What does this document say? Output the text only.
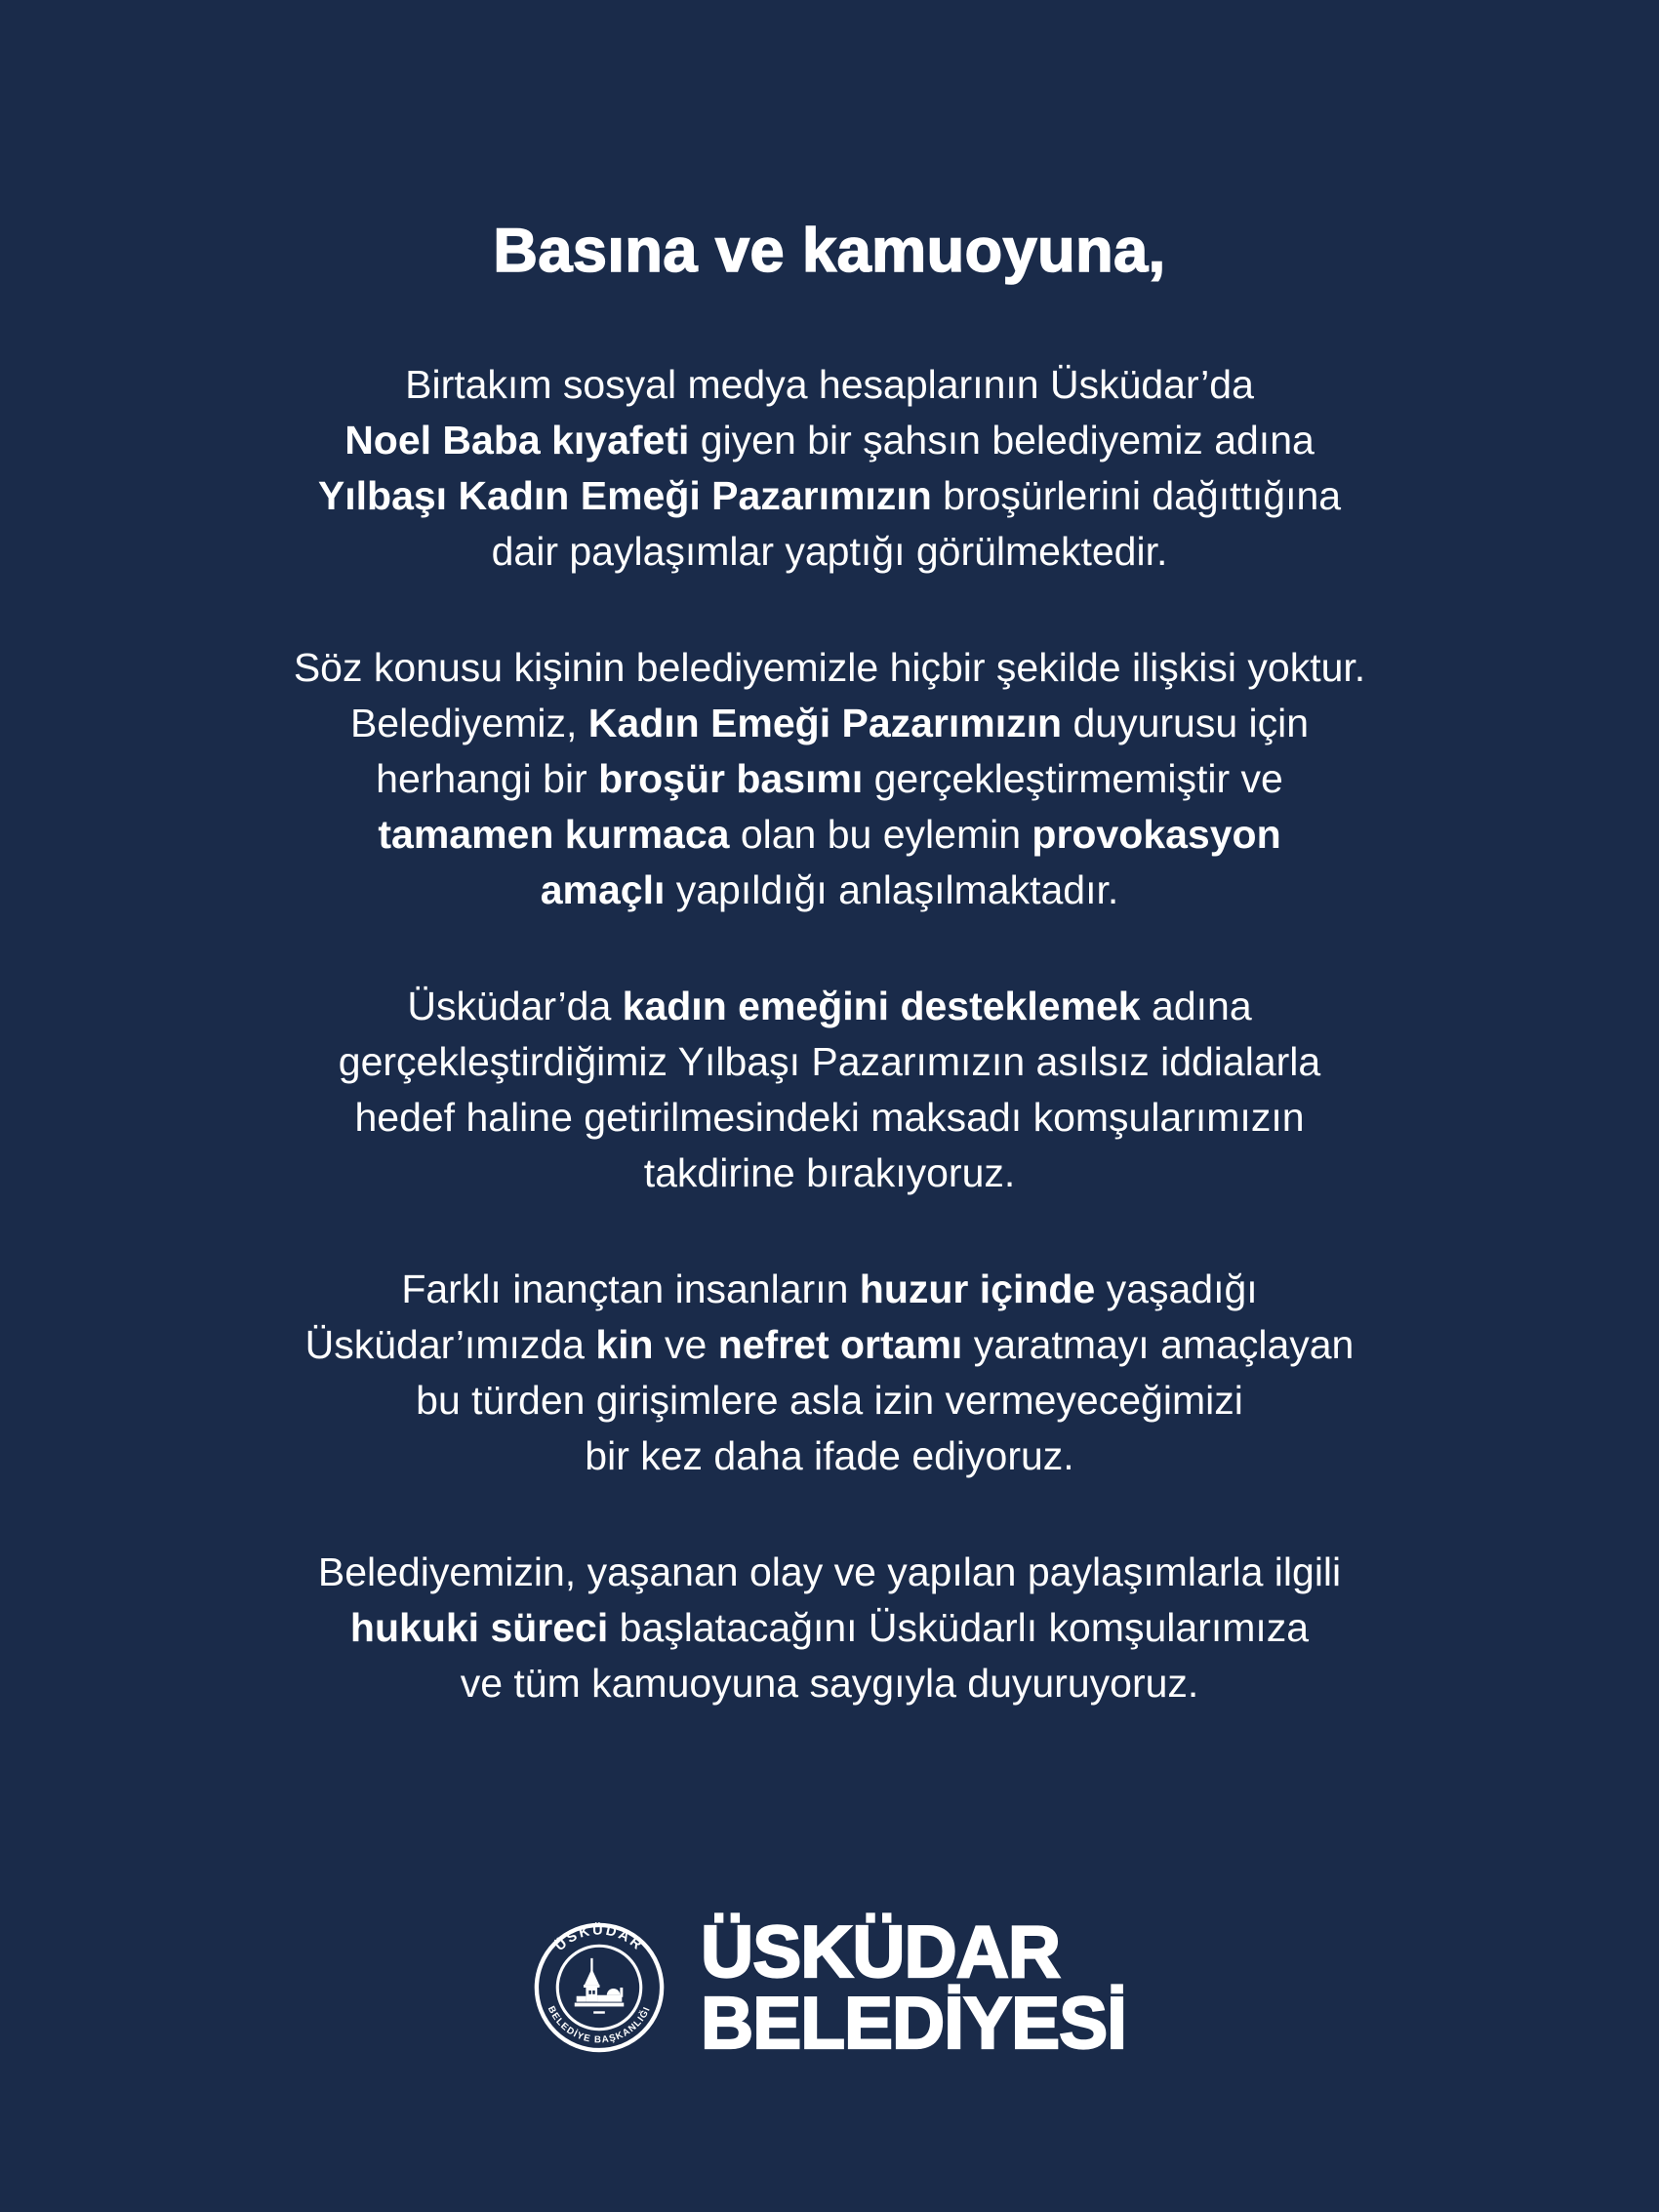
Basına ve kamuoyuna,

Birtakım sosyal medya hesaplarının Üsküdar’da
Noel Baba kıyafeti giyen bir şahsın belediyemiz adına
Yılbaşı Kadın Emeği Pazarımızın broşürlerini dağıttığına
dair paylaşımlar yaptığı görülmektedir.

Söz konusu kişinin belediyemizle hiçbir şekilde ilişkisi yoktur.
Belediyemiz, Kadın Emeği Pazarımızın duyurusu için
herhangi bir broşür basımı gerçekleştirmemiştir ve
tamamen kurmaca olan bu eylemin provokasyon
amaçlı yapıldığı anlaşılmaktadır.

Üsküdar’da kadın emeğini desteklemek adına
gerçekleştirdiğimiz Yılbaşı Pazarımızın asılsız iddialarla
hedef haline getirilmesindeki maksadı komşularımızın
takdirine bırakıyoruz.

Farklı inançtan insanların huzur içinde yaşadığı
Üsküdar’ımızda kin ve nefret ortamı yaratmayı amaçlayan
bu türden girişimlere asla izin vermeyeceğimizi
bir kez daha ifade ediyoruz.

Belediyemizin, yaşanan olay ve yapılan paylaşımlarla ilgili
hukuki süreci başlatacağını Üsküdarlı komşularımıza
ve tüm kamuoyuna saygıyla duyuruyoruz.

ÜSKÜDAR
BELEDİYE BAŞKANLIĞI
ÜSKÜDAR
BELEDİYESİ
